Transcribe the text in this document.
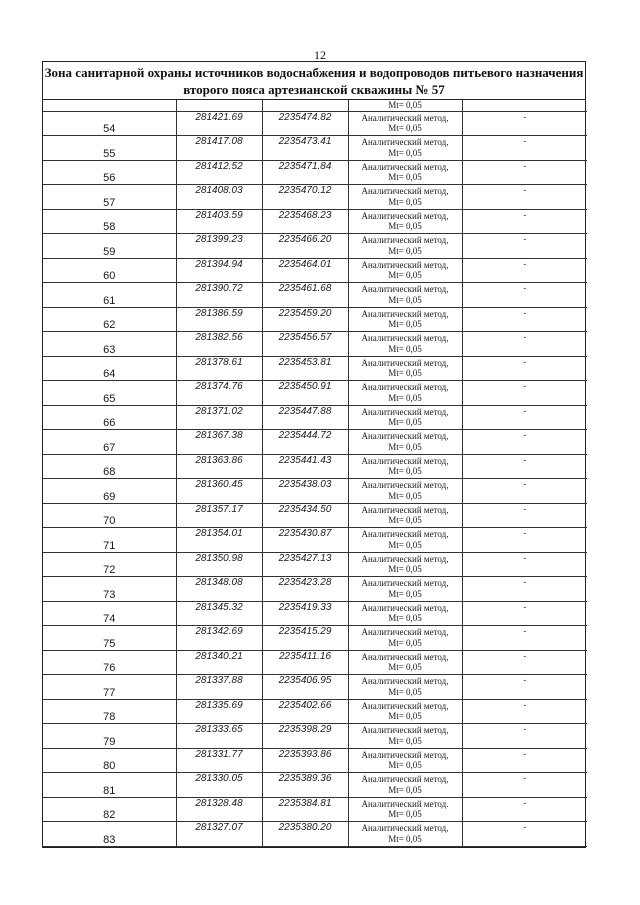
12
Зона санитарной охраны источников водоснабжения и водопроводов питьевого назначения
второго пояса артезианской скважины № 57

			Mt= 0,05	

54	281421.69	2235474.82	Аналитический метод,
Mt= 0,05	-
55	281417.08	2235473.41	Аналитический метод,
Mt= 0,05	-
56	281412.52	2235471.84	Аналитический метод,
Mt= 0,05	-
57	281408.03	2235470.12	Аналитический метод,
Mt= 0,05	-
58	281403.59	2235468.23	Аналитический метод,
Mt= 0,05	-
59	281399.23	2235466.20	Аналитический метод,
Mt= 0,05	-
60	281394.94	2235464.01	Аналитический метод,
Mt= 0,05	-
61	281390.72	2235461.68	Аналитический метод,
Mt= 0,05	-
62	281386.59	2235459.20	Аналитический метод,
Mt= 0,05	-
63	281382.56	2235456.57	Аналитический метод,
Mt= 0,05	-
64	281378.61	2235453.81	Аналитический метод,
Mt= 0,05	-
65	281374.76	2235450.91	Аналитический метод,
Mt= 0,05	-
66	281371.02	2235447.88	Аналитический метод,
Mt= 0,05	-
67	281367.38	2235444.72	Аналитический метод,
Mt= 0,05	-
68	281363.86	2235441.43	Аналитический метод,
Mt= 0,05	-
69	281360.45	2235438.03	Аналитический метод,
Mt= 0,05	-
70	281357.17	2235434.50	Аналитический метод,
Mt= 0,05	-
71	281354.01	2235430.87	Аналитический метод,
Mt= 0,05	-
72	281350.98	2235427.13	Аналитический метод,
Mt= 0,05	-
73	281348.08	2235423.28	Аналитический метод,
Mt= 0,05	-
74	281345.32	2235419.33	Аналитический метод,
Mt= 0,05	-
75	281342.69	2235415.29	Аналитический метод,
Mt= 0,05	-
76	281340.21	2235411.16	Аналитический метод,
Mt= 0,05	-
77	281337.88	2235406.95	Аналитический метод,
Mt= 0,05	-
78	281335.69	2235402.66	Аналитический метод,
Mt= 0,05	-
79	281333.65	2235398.29	Аналитический метод,
Mt= 0,05	-
80	281331.77	2235393.86	Аналитический метод,
Mt= 0,05	-
81	281330.05	2235389.36	Аналитический метод,
Mt= 0,05	-
82	281328.48	2235384.81	Аналитический метод.
Mt= 0,05	-
83	281327.07	2235380.20	Аналитический метод,
Mt= 0,05	-
